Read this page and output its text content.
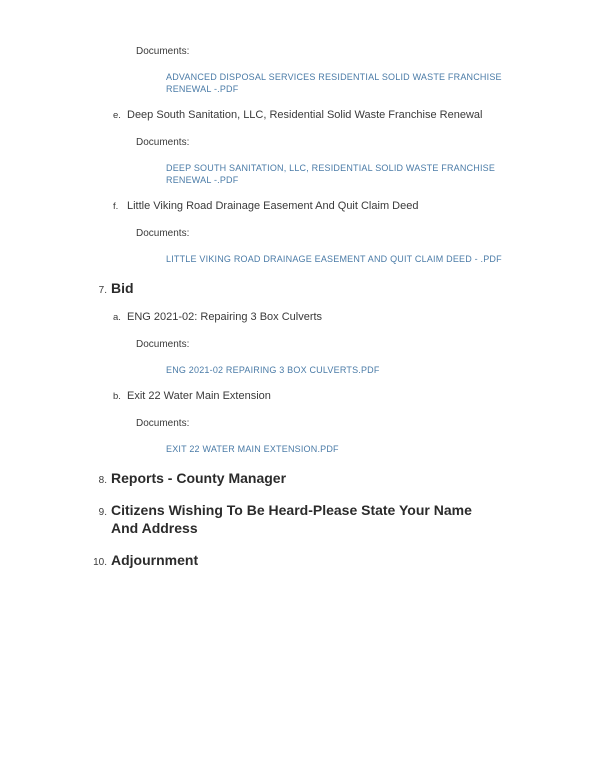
Documents:
ADVANCED DISPOSAL SERVICES RESIDENTIAL SOLID WASTE FRANCHISE RENEWAL -.PDF
e. Deep South Sanitation, LLC, Residential Solid Waste Franchise Renewal
Documents:
DEEP SOUTH SANITATION, LLC, RESIDENTIAL SOLID WASTE FRANCHISE RENEWAL -.PDF
f. Little Viking Road Drainage Easement And Quit Claim Deed
Documents:
LITTLE VIKING ROAD DRAINAGE EASEMENT AND QUIT CLAIM DEED - .PDF
7. Bid
a. ENG 2021-02: Repairing 3 Box Culverts
Documents:
ENG 2021-02 REPAIRING 3 BOX CULVERTS.PDF
b. Exit 22 Water Main Extension
Documents:
EXIT 22 WATER MAIN EXTENSION.PDF
8. Reports - County Manager
9. Citizens Wishing To Be Heard-Please State Your Name And Address
10. Adjournment
